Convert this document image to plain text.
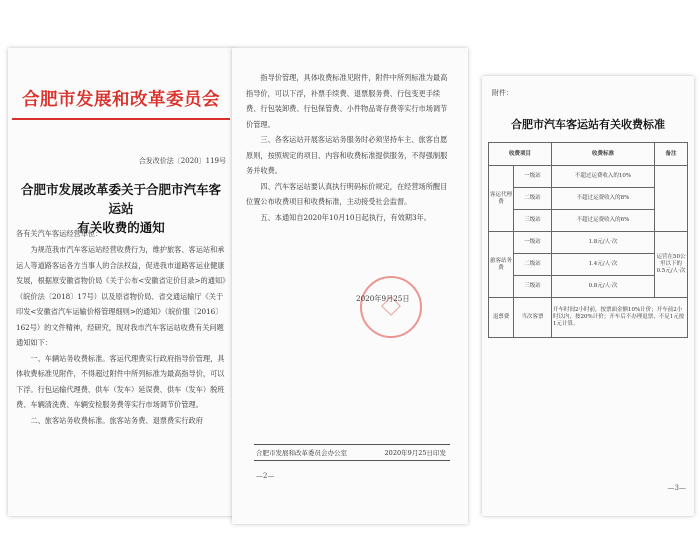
合肥市发展和改革委员会
合发改价法〔2020〕119号
合肥市发展改革委关于合肥市汽车客运站
有关收费的通知
各有关汽车客运经营单位：
为规范我市汽车客运站经营收费行为，维护旅客、客运站和承运人等道路客运各方当事人的合法权益，促进我市道路客运业健康发展，根据原安徽省物价局《关于公布<安徽省定价目录>的通知》（皖价法〔2018〕17号）以及原省物价局、省交通运输厅《关于印发<安徽省汽车运输价格管理细则>的通知》（皖价服〔2016〕162号）的文件精神，经研究，现对我市汽车客运站收费有关问题通知如下：
一、车辆站务收费标准。客运代理费实行政府指导价管理，具体收费标准见附件，不得超过附件中所列标准为最高指导价，可以下浮。行包运输代理费、供车（发车）延误费、供车（发车）脱班费、车辆清洗费、车辆安检服务费等实行市场调节价管理。
二、旅客站务收费标准。旅客站务费、退票费实行政府
指导价管理，具体收费标准见附件，附件中所列标准为最高指导价，可以下浮，补票手续费、退票服务费、行包变更手续费、行包装卸费、行包保管费、小件物品寄存费等实行市场调节价管理。
三、各客运站开展客运站务服务时必须坚持车主、旅客自愿原则，按照规定的项目、内容和收费标准提供服务，不得强制服务并收费。
四、汽车客运站要认真执行明码标价规定，在经营场所醒目位置公布收费项目和收费标准，主动接受社会监督。
五、本通知自2020年10月10日起执行，有效期3年。
2020年9月25日
合肥市发展和改革委员会办公室	2020年9月25日印发
—2—
附件：
合肥市汽车客运站有关收费标准
收费项目		收费标准	备注
客运代理费	一级站	不超过运费收入的10%	
	二级站	不超过运费收入的8%	
	三级站	不超过运费收入的6%	
旅客站务费	一级站	1.8元/人·次	运营在50公里以下的0.5元/人·次
	二级站	1.4元/人·次	
	三级站	0.8元/人·次	
退票费	当次客票	开车时间2小时前，按票面金额10%计价；开车前2小时以内，按20%计价；开车后不办理退票，不足1元按1元计算。	
—3—
